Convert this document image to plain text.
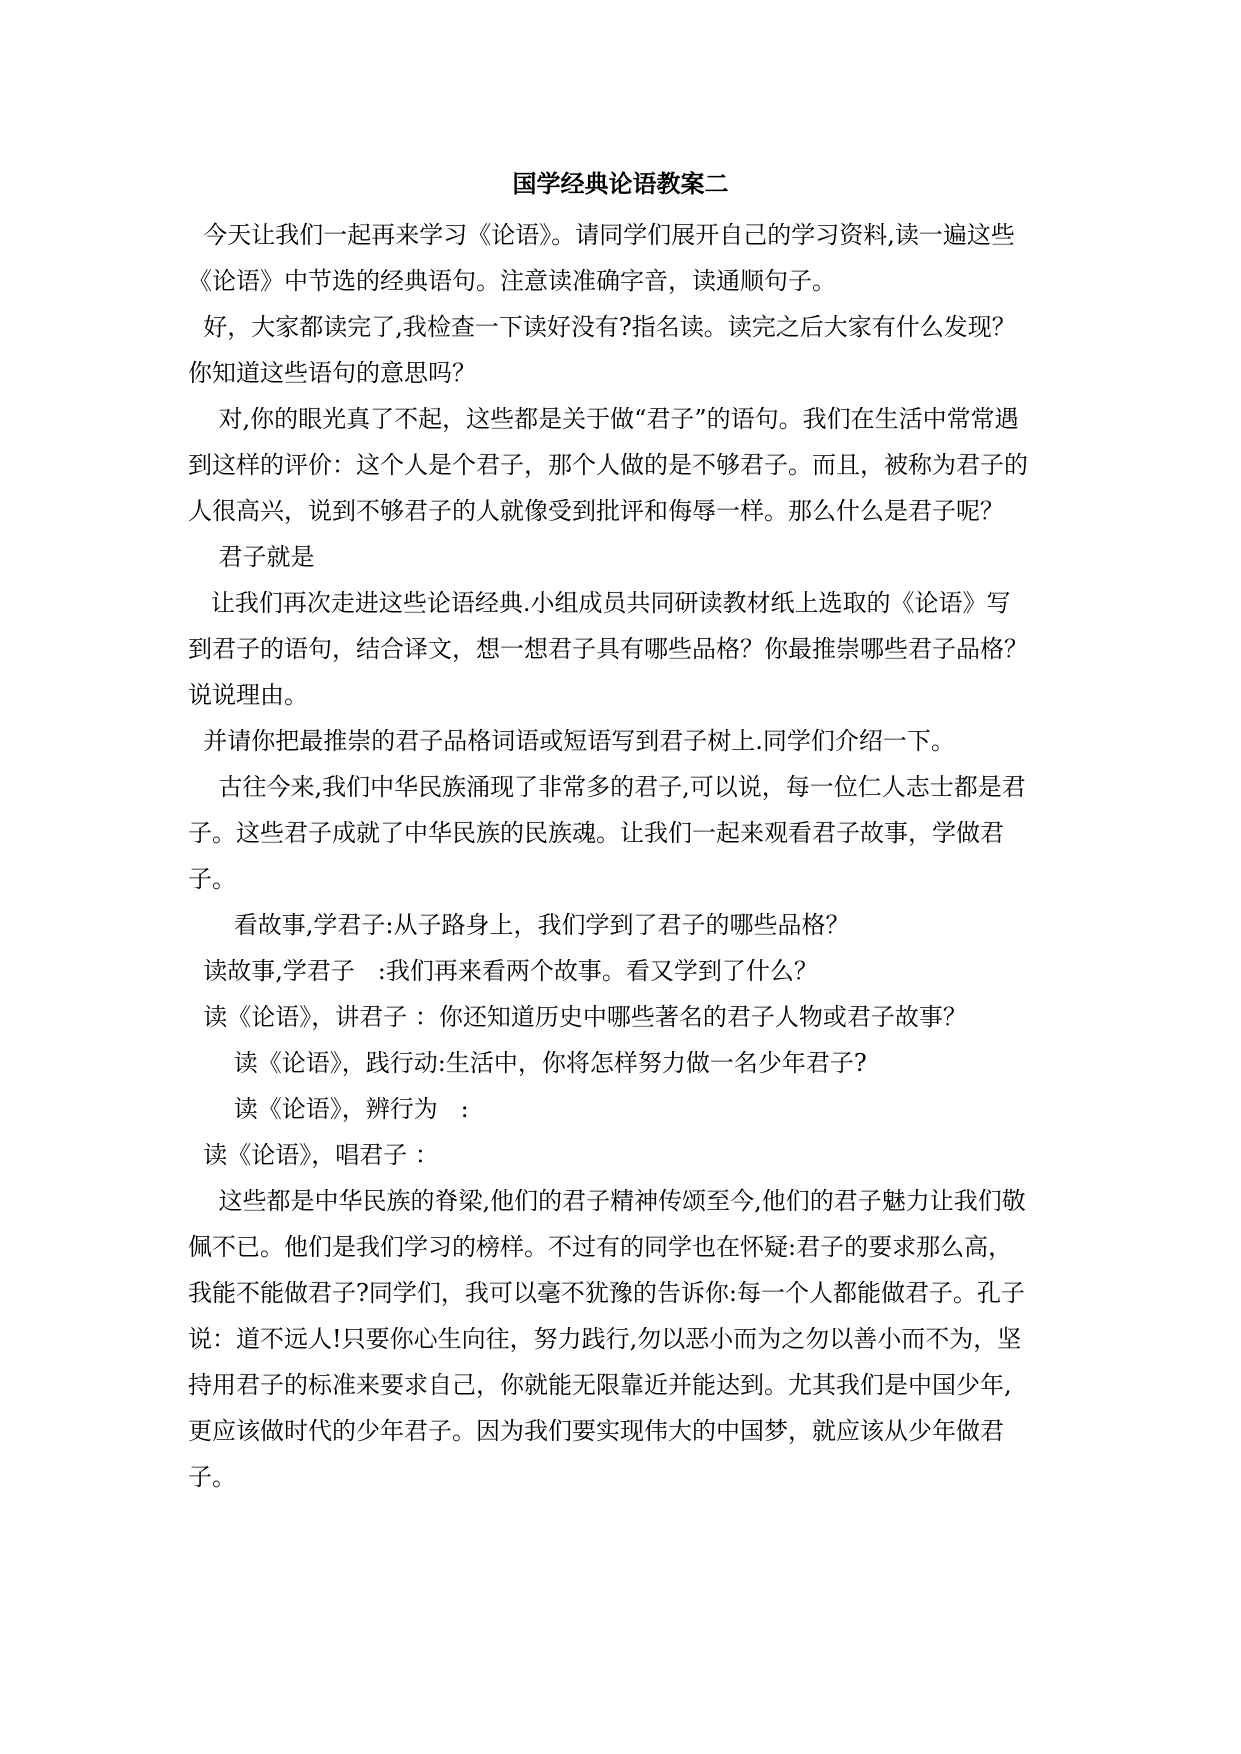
国学经典论语教案二

今天让我们一起再来学习《论语》。请同学们展开自己的学习资料,读一遍这些《论语》中节选的经典语句。注意读准确字音，读通顺句子。

好，大家都读完了,我检查一下读好没有?指名读。读完之后大家有什么发现？   你知道这些语句的意思吗？

对,你的眼光真了不起，这些都是关于做“君子”的语句。我们在生活中常常遇到这样的评价：这个人是个君子，那个人做的是不够君子。而且，被称为君子的人很高兴，说到不够君子的人就像受到批评和侮辱一样。那么什么是君子呢？

君子就是

让我们再次走进这些论语经典.小组成员共同研读教材纸上选取的《论语》写到君子的语句，结合译文，想一想君子具有哪些品格？你最推崇哪些君子品格？说说理由。

并请你把最推崇的君子品格词语或短语写到君子树上.同学们介绍一下。

古往今来,我们中华民族涌现了非常多的君子,可以说，每一位仁人志士都是君子。这些君子成就了中华民族的民族魂。让我们一起来观看君子故事，学做君子。

看故事,学君子:从子路身上，我们学到了君子的哪些品格？

读故事,学君子   :我们再来看两个故事。看又学到了什么？

读《论语》，讲君子 ：你还知道历史中哪些著名的君子人物或君子故事？

读《论语》，践行动:生活中，你将怎样努力做一名少年君子?

读《论语》，辨行为   :

读《论语》，唱君子 ：

这些都是中华民族的脊梁,他们的君子精神传颂至今,他们的君子魅力让我们敬佩不已。他们是我们学习的榜样。不过有的同学也在怀疑:君子的要求那么高，我能不能做君子?同学们，我可以毫不犹豫的告诉你:每一个人都能做君子。孔子说：道不远人!只要你心生向往，努力践行,勿以恶小而为之勿以善小而不为，坚持用君子的标准来要求自己，你就能无限靠近并能达到。尤其我们是中国少年,更应该做时代的少年君子。因为我们要实现伟大的中国梦，就应该从少年做君子。
